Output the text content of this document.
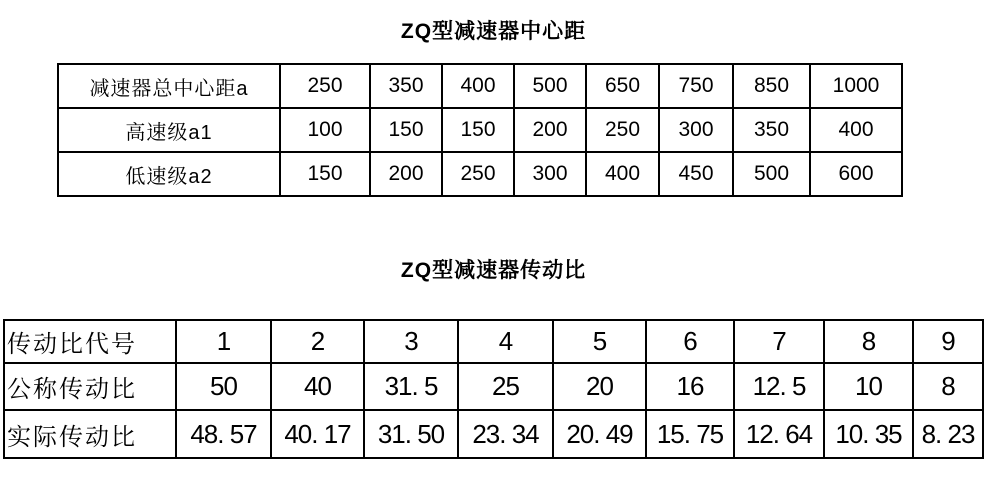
ZQ型减速器中心距
减速器总中心距a	250	350	400	500	650	750	850	1000
高速级a1	100	150	150	200	250	300	350	400
低速级a2	150	200	250	300	400	450	500	600
ZQ型减速器传动比
传动比代号	1	2	3	4	5	6	7	8	9
公称传动比	50	40	31. 5	25	20	16	12. 5	10	8
实际传动比	48. 57	40. 17	31. 50	23. 34	20. 49	15. 75	12. 64	10. 35	8. 23
